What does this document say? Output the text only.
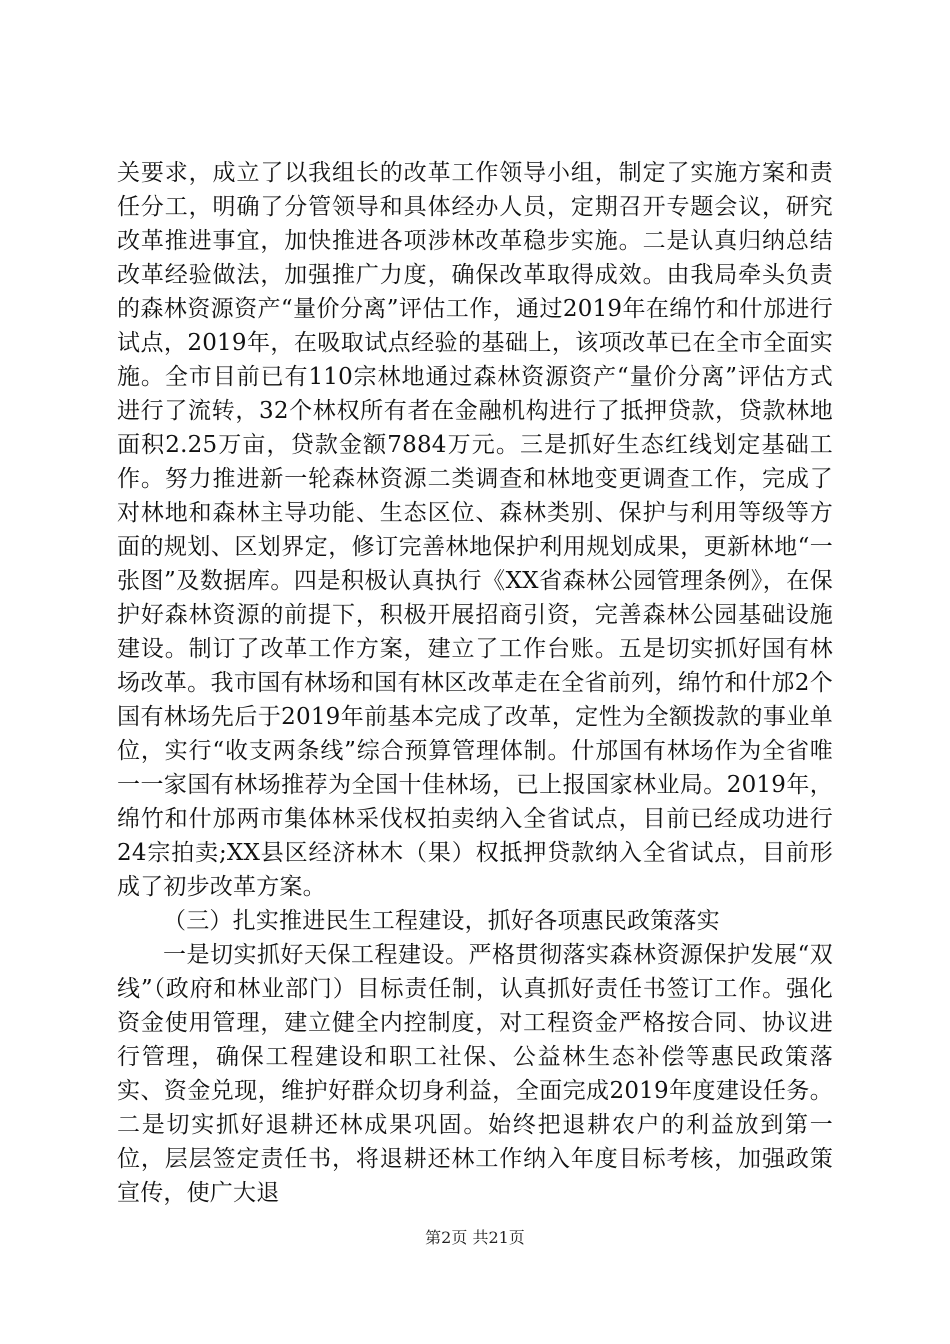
关要求，成立了以我组长的改革工作领导小组，制定了实施方案和责任分工，明确了分管领导和具体经办人员，定期召开专题会议，研究改革推进事宜，加快推进各项涉林改革稳步实施。二是认真归纳总结改革经验做法，加强推广力度，确保改革取得成效。由我局牵头负责的森林资源资产“量价分离”评估工作，通过2019年在绵竹和什邡进行试点，2019年，在吸取试点经验的基础上，该项改革已在全市全面实施。全市目前已有110宗林地通过森林资源资产“量价分离”评估方式进行了流转，32个林权所有者在金融机构进行了抵押贷款，贷款林地面积2.25万亩，贷款金额7884万元。三是抓好生态红线划定基础工作。努力推进新一轮森林资源二类调查和林地变更调查工作，完成了对林地和森林主导功能、生态区位、森林类别、保护与利用等级等方面的规划、区划界定，修订完善林地保护利用规划成果，更新林地“一张图”及数据库。四是积极认真执行《XX省森林公园管理条例》，在保护好森林资源的前提下，积极开展招商引资，完善森林公园基础设施建设。制订了改革工作方案，建立了工作台账。五是切实抓好国有林场改革。我市国有林场和国有林区改革走在全省前列，绵竹和什邡2个国有林场先后于2019年前基本完成了改革，定性为全额拨款的事业单位，实行“收支两条线”综合预算管理体制。什邡国有林场作为全省唯一一家国有林场推荐为全国十佳林场，已上报国家林业局。2019年，绵竹和什邡两市集体林采伐权拍卖纳入全省试点，目前已经成功进行24宗拍卖;XX县区经济林木（果）权抵押贷款纳入全省试点，目前形成了初步改革方案。

（三）扎实推进民生工程建设，抓好各项惠民政策落实

一是切实抓好天保工程建设。严格贯彻落实森林资源保护发展“双线”（政府和林业部门）目标责任制，认真抓好责任书签订工作。强化资金使用管理，建立健全内控制度，对工程资金严格按合同、协议进行管理，确保工程建设和职工社保、公益林生态补偿等惠民政策落实、资金兑现，维护好群众切身利益，全面完成2019年度建设任务。二是切实抓好退耕还林成果巩固。始终把退耕农户的利益放到第一位，层层签定责任书，将退耕还林工作纳入年度目标考核，加强政策宣传，使广大退

第2页 共21页
